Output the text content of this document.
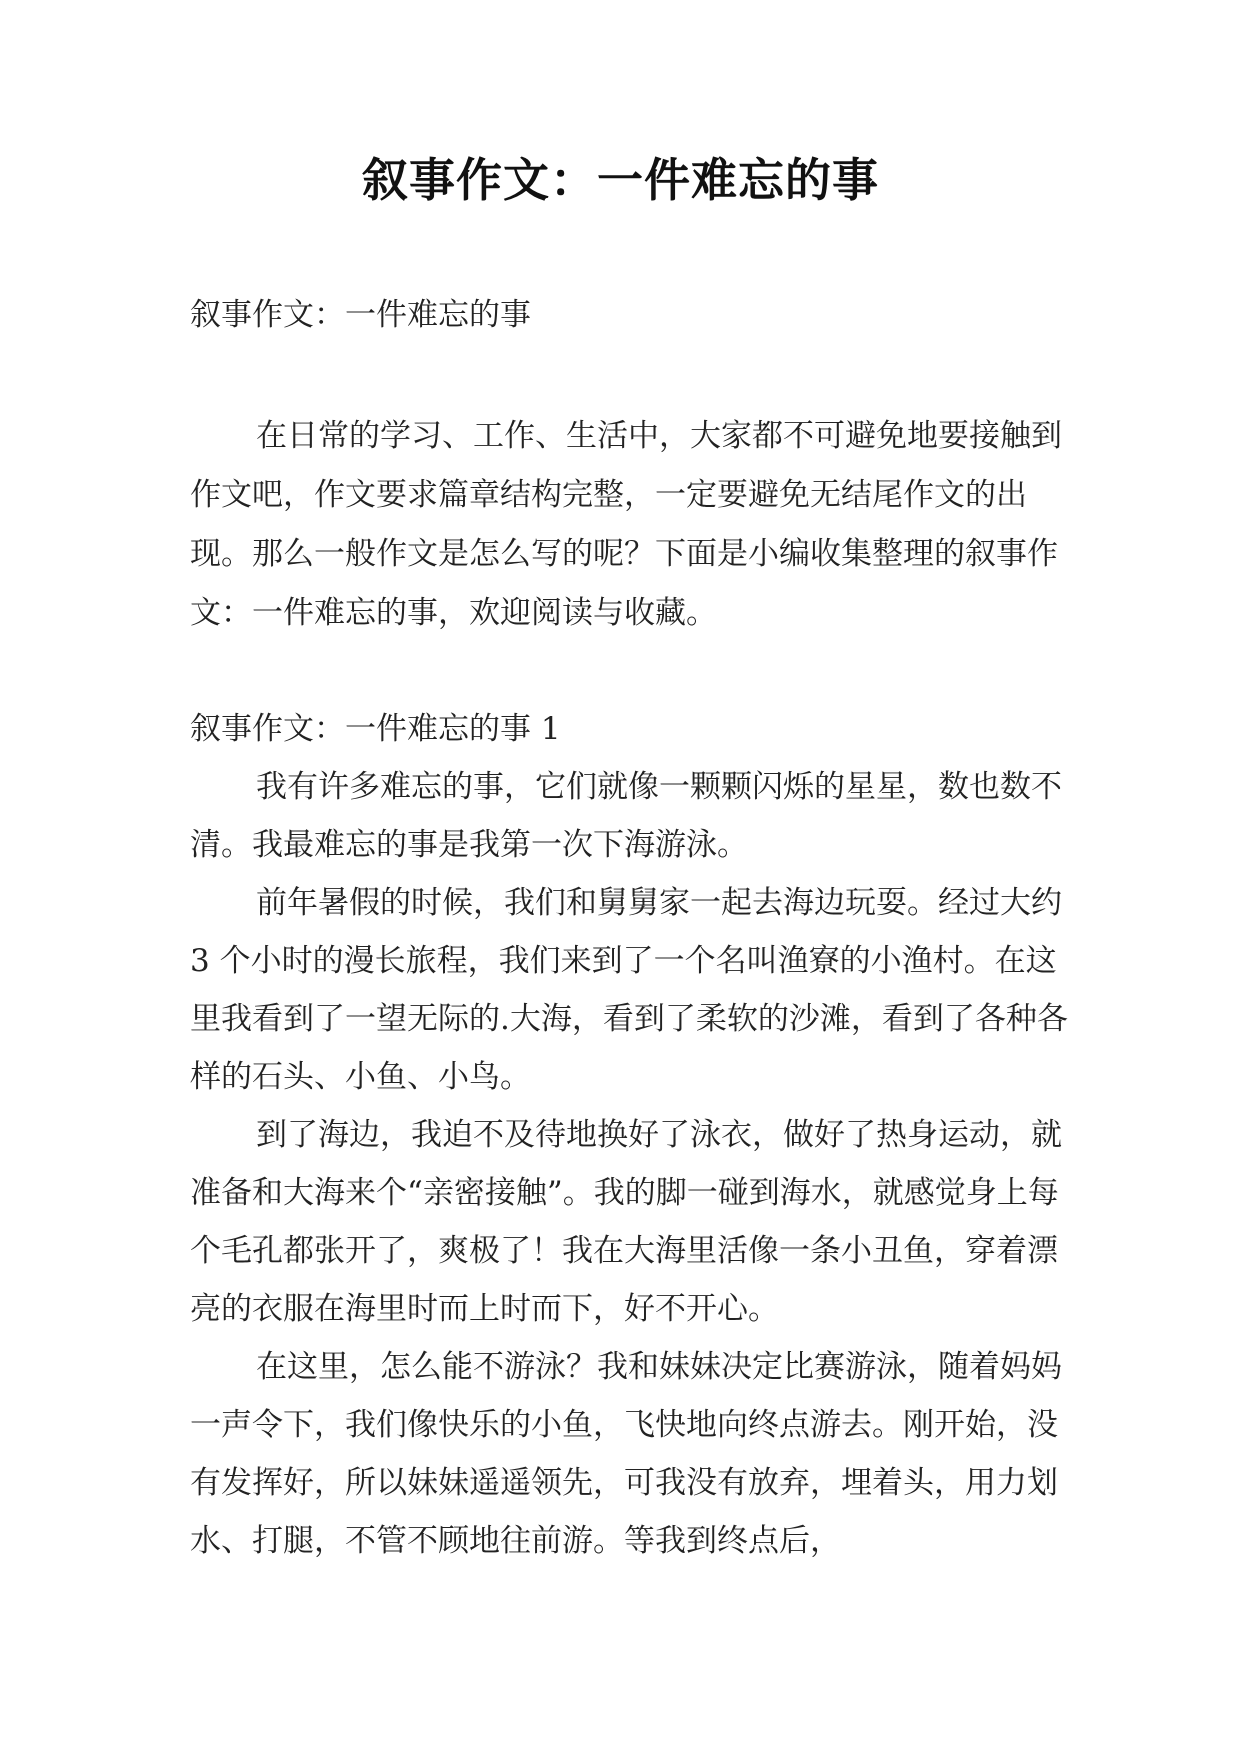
叙事作文：一件难忘的事
叙事作文：一件难忘的事

在日常的学习、工作、生活中，大家都不可避免地要接触到作文吧，作文要求篇章结构完整，一定要避免无结尾作文的出现。那么一般作文是怎么写的呢？下面是小编收集整理的叙事作文：一件难忘的事，欢迎阅读与收藏。

叙事作文：一件难忘的事 1

我有许多难忘的事，它们就像一颗颗闪烁的星星，数也数不清。我最难忘的事是我第一次下海游泳。

前年暑假的时候，我们和舅舅家一起去海边玩耍。经过大约 3 个小时的漫长旅程，我们来到了一个名叫渔寮的小渔村。在这里我看到了一望无际的.大海，看到了柔软的沙滩，看到了各种各样的石头、小鱼、小鸟。

到了海边，我迫不及待地换好了泳衣，做好了热身运动，就准备和大海来个“亲密接触”。我的脚一碰到海水，就感觉身上每个毛孔都张开了，爽极了！我在大海里活像一条小丑鱼，穿着漂亮的衣服在海里时而上时而下，好不开心。

在这里，怎么能不游泳？我和妹妹决定比赛游泳，随着妈妈一声令下，我们像快乐的小鱼，飞快地向终点游去。刚开始，没有发挥好，所以妹妹遥遥领先，可我没有放弃，埋着头，用力划水、打腿，不管不顾地往前游。等我到终点后，
